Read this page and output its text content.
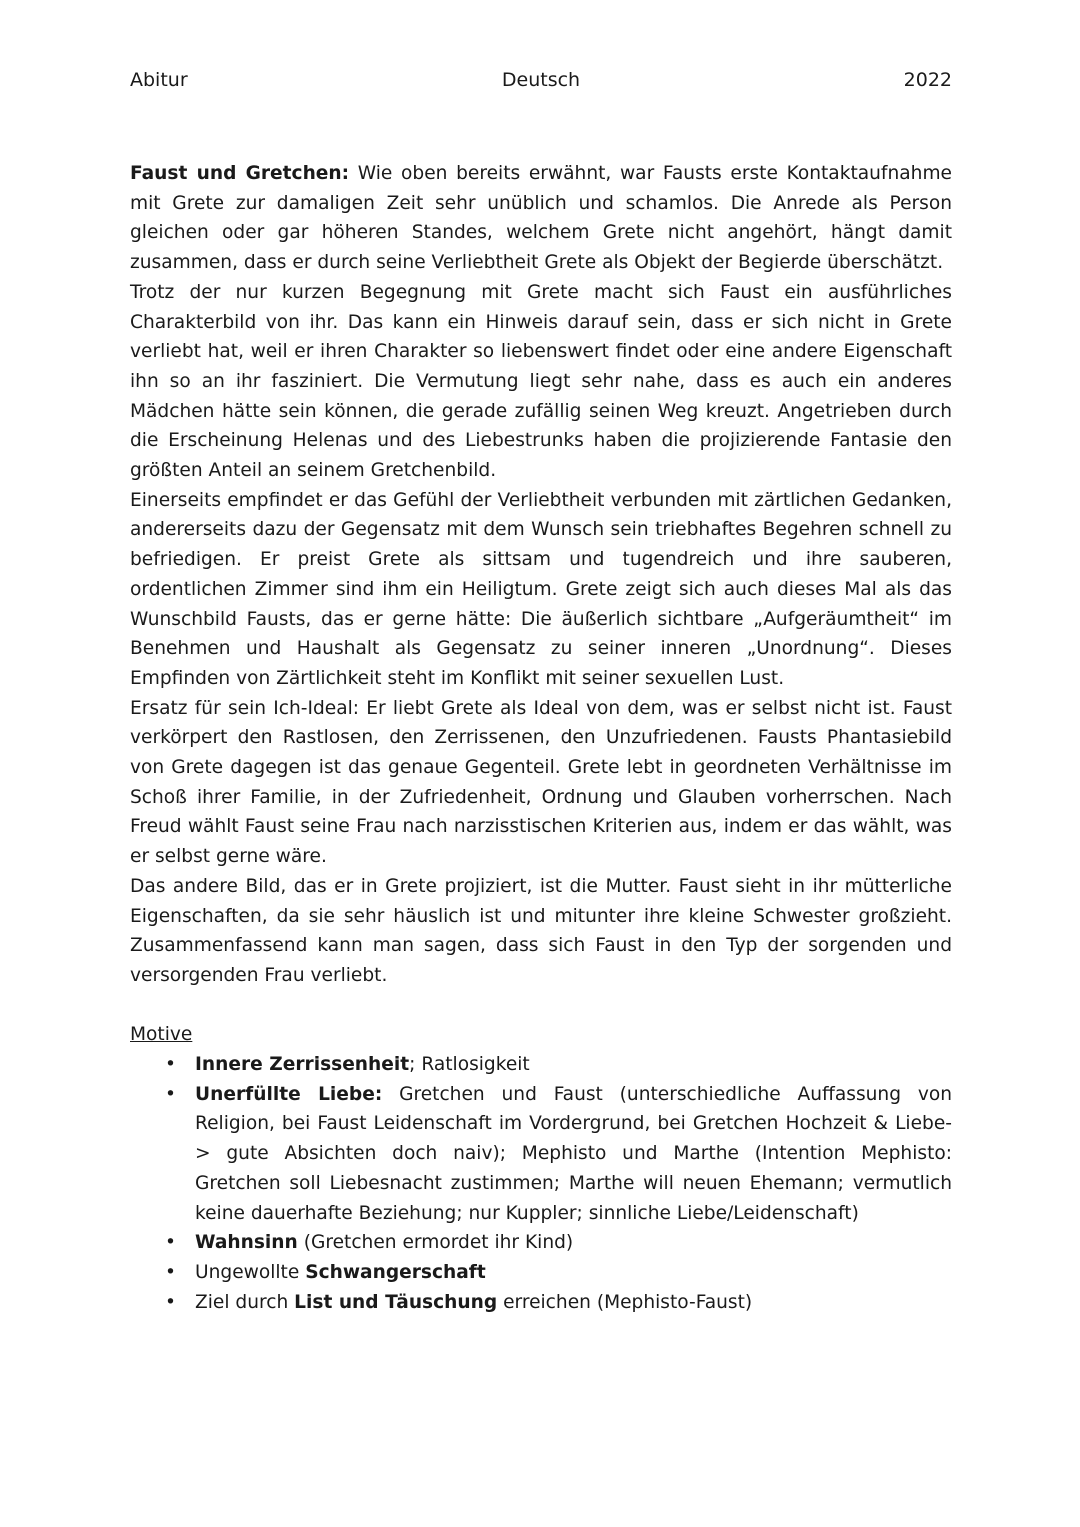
Abitur	Deutsch	2022

Faust und Gretchen: Wie oben bereits erwähnt, war Fausts erste Kontaktaufnahme mit Grete zur damaligen Zeit sehr unüblich und schamlos. Die Anrede als Person gleichen oder gar höheren Standes, welchem Grete nicht angehört, hängt damit zusammen, dass er durch seine Verliebtheit Grete als Objekt der Begierde überschätzt.

Trotz der nur kurzen Begegnung mit Grete macht sich Faust ein ausführliches Charakterbild von ihr. Das kann ein Hinweis darauf sein, dass er sich nicht in Grete verliebt hat, weil er ihren Charakter so liebenswert findet oder eine andere Eigenschaft ihn so an ihr fasziniert. Die Vermutung liegt sehr nahe, dass es auch ein anderes Mädchen hätte sein können, die gerade zufällig seinen Weg kreuzt. Angetrieben durch die Erscheinung Helenas und des Liebestrunks haben die projizierende Fantasie den größten Anteil an seinem Gretchenbild.

Einerseits empfindet er das Gefühl der Verliebtheit verbunden mit zärtlichen Gedanken, andererseits dazu der Gegensatz mit dem Wunsch sein triebhaftes Begehren schnell zu befriedigen. Er preist Grete als sittsam und tugendreich und ihre sauberen, ordentlichen Zimmer sind ihm ein Heiligtum. Grete zeigt sich auch dieses Mal als das Wunschbild Fausts, das er gerne hätte: Die äußerlich sichtbare „Aufgeräumtheit“ im Benehmen und Haushalt als Gegensatz zu seiner inneren „Unordnung“. Dieses Empfinden von Zärtlichkeit steht im Konflikt mit seiner sexuellen Lust.

Ersatz für sein Ich-Ideal: Er liebt Grete als Ideal von dem, was er selbst nicht ist. Faust verkörpert den Rastlosen, den Zerrissenen, den Unzufriedenen. Fausts Phantasiebild von Grete dagegen ist das genaue Gegenteil. Grete lebt in geordneten Verhältnisse im Schoß ihrer Familie, in der Zufriedenheit, Ordnung und Glauben vorherrschen. Nach Freud wählt Faust seine Frau nach narzisstischen Kriterien aus, indem er das wählt, was er selbst gerne wäre.

Das andere Bild, das er in Grete projiziert, ist die Mutter. Faust sieht in ihr mütterliche Eigenschaften, da sie sehr häuslich ist und mitunter ihre kleine Schwester großzieht. Zusammenfassend kann man sagen, dass sich Faust in den Typ der sorgenden und versorgenden Frau verliebt.

Motive

• Innere Zerrissenheit; Ratlosigkeit
• Unerfüllte Liebe: Gretchen und Faust (unterschiedliche Auffassung von Religion, bei Faust Leidenschaft im Vordergrund, bei Gretchen Hochzeit & Liebe-> gute Absichten doch naiv); Mephisto und Marthe (Intention Mephisto: Gretchen soll Liebesnacht zustimmen; Marthe will neuen Ehemann; vermutlich keine dauerhafte Beziehung; nur Kuppler; sinnliche Liebe/Leidenschaft)
• Wahnsinn (Gretchen ermordet ihr Kind)
• Ungewollte Schwangerschaft
• Ziel durch List und Täuschung erreichen (Mephisto-Faust)
